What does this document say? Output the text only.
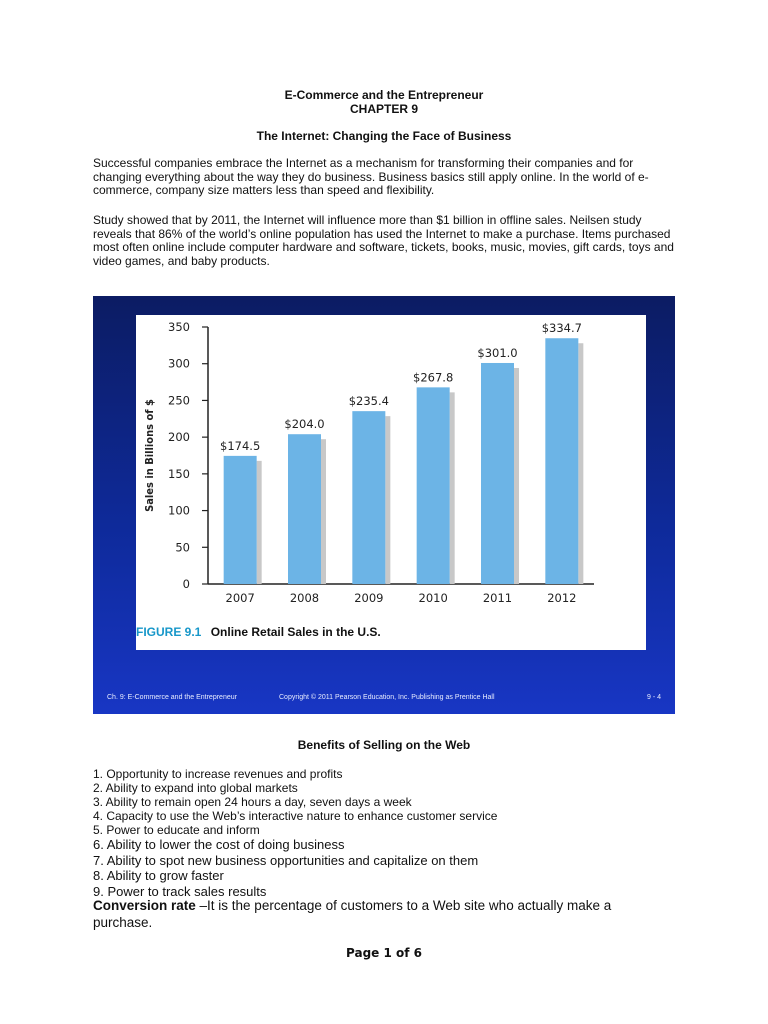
E-Commerce and the Entrepreneur
CHAPTER 9
The Internet: Changing the Face of Business
Successful companies embrace the Internet as a mechanism for transforming their companies and for changing everything about the way they do business. Business basics still apply online. In the world of e-commerce, company size matters less than speed and flexibility.
Study showed that by 2011, the Internet will influence more than $1 billion in offline sales. Neilsen study reveals that 86% of the world’s online population has used the Internet to make a purchase. Items purchased most often online include computer hardware and software, tickets, books, music, movies, gift cards, toys and video games, and baby products.
0
50
100
150
200
250
300
350
Sales in Billions of $	$174.5
2007
$204.0
2008
$235.4
2009
$267.8
2010
$301.0
2011
$334.7
2012
FIGURE 9.1 Online Retail Sales in the U.S.
Ch. 9: E-Commerce and the Entrepreneur	Copyright © 2011 Pearson Education, Inc. Publishing as Prentice Hall	9 - 4
Benefits of Selling on the Web
1. Opportunity to increase revenues and profits
2. Ability to expand into global markets
3. Ability to remain open 24 hours a day, seven days a week
4. Capacity to use the Web’s interactive nature to enhance customer service
5. Power to educate and inform
6. Ability to lower the cost of doing business
7. Ability to spot new business opportunities and capitalize on them
8. Ability to grow faster
9. Power to track sales results
Conversion rate –It is the percentage of customers to a Web site who actually make a purchase.
Page 1 of 6
